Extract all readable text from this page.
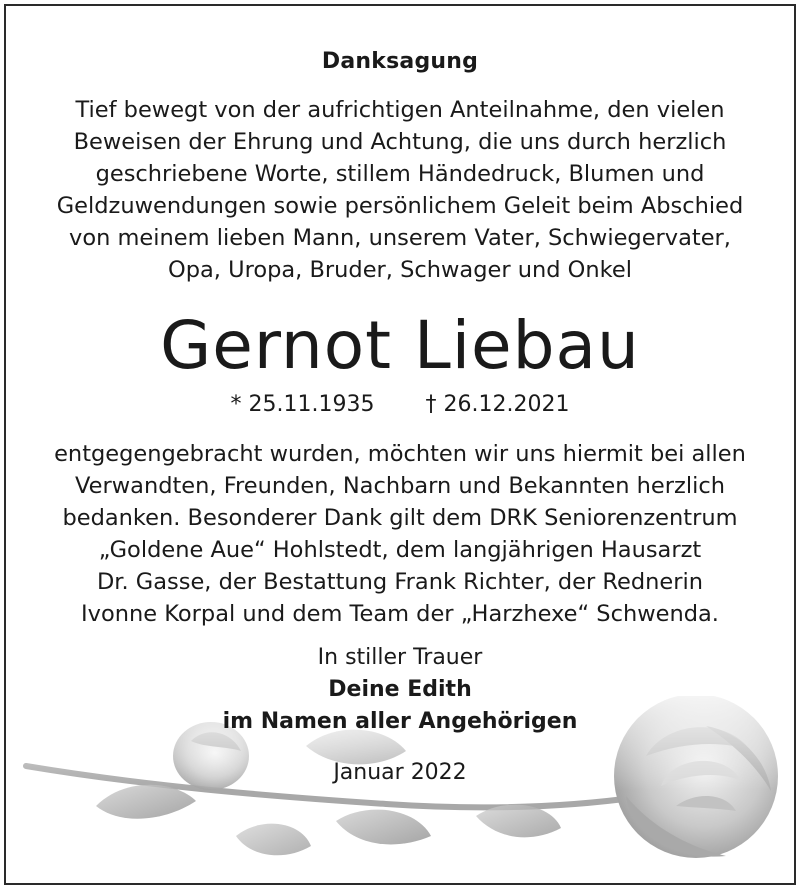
Danksagung
Tief bewegt von der aufrichtigen Anteilnahme, den vielen
Beweisen der Ehrung und Achtung, die uns durch herzlich
geschriebene Worte, stillem Händedruck, Blumen und
Geldzuwendungen sowie persönlichem Geleit beim Abschied
von meinem lieben Mann, unserem Vater, Schwiegervater,
Opa, Uropa, Bruder, Schwager und Onkel
Gernot Liebau
* 25.11.1935 † 26.12.2021
entgegengebracht wurden, möchten wir uns hiermit bei allen
Verwandten, Freunden, Nachbarn und Bekannten herzlich
bedanken. Besonderer Dank gilt dem DRK Seniorenzentrum
„Goldene Aue“ Hohlstedt, dem langjährigen Hausarzt
Dr. Gasse, der Bestattung Frank Richter, der Rednerin
Ivonne Korpal und dem Team der „Harzhexe“ Schwenda.
In stiller Trauer
Deine Edith
im Namen aller Angehörigen
Januar 2022
